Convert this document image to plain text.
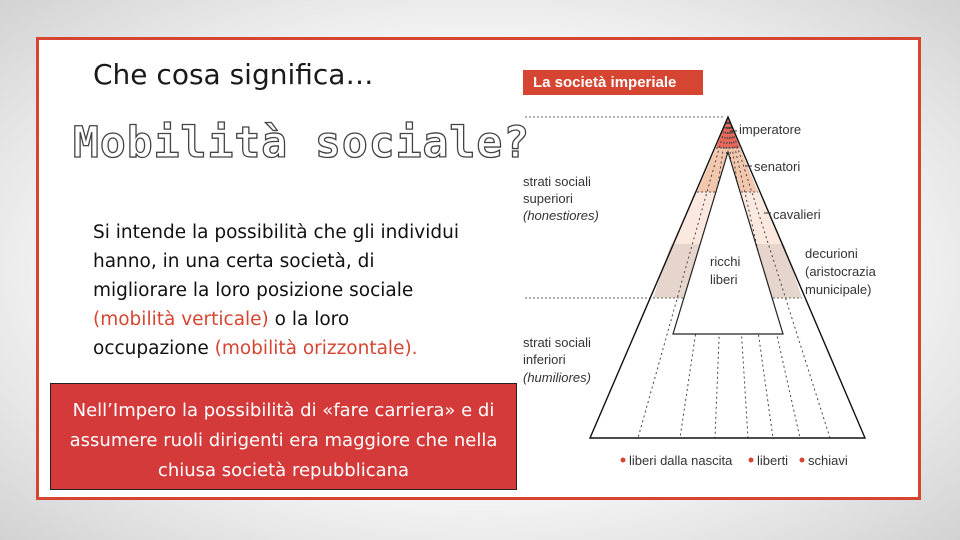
Che cosa significa…
Mobilità sociale?
Si intende la possibilità che gli individui hanno, in una certa società, di migliorare la loro posizione sociale (mobilità verticale) o la loro occupazione (mobilità orizzontale).
Nell’Impero la possibilità di «fare carriera» e di assumere ruoli dirigenti era maggiore che nella chiusa società repubblicana
La società imperiale
strati sociali
superiori
(honestiores)
strati sociali
inferiori
(humiliores)
imperatore
senatori
cavalieri
decurioni
(aristocrazia
municipale)
ricchi
liberi
liberi dalla nascita liberti schiavi
